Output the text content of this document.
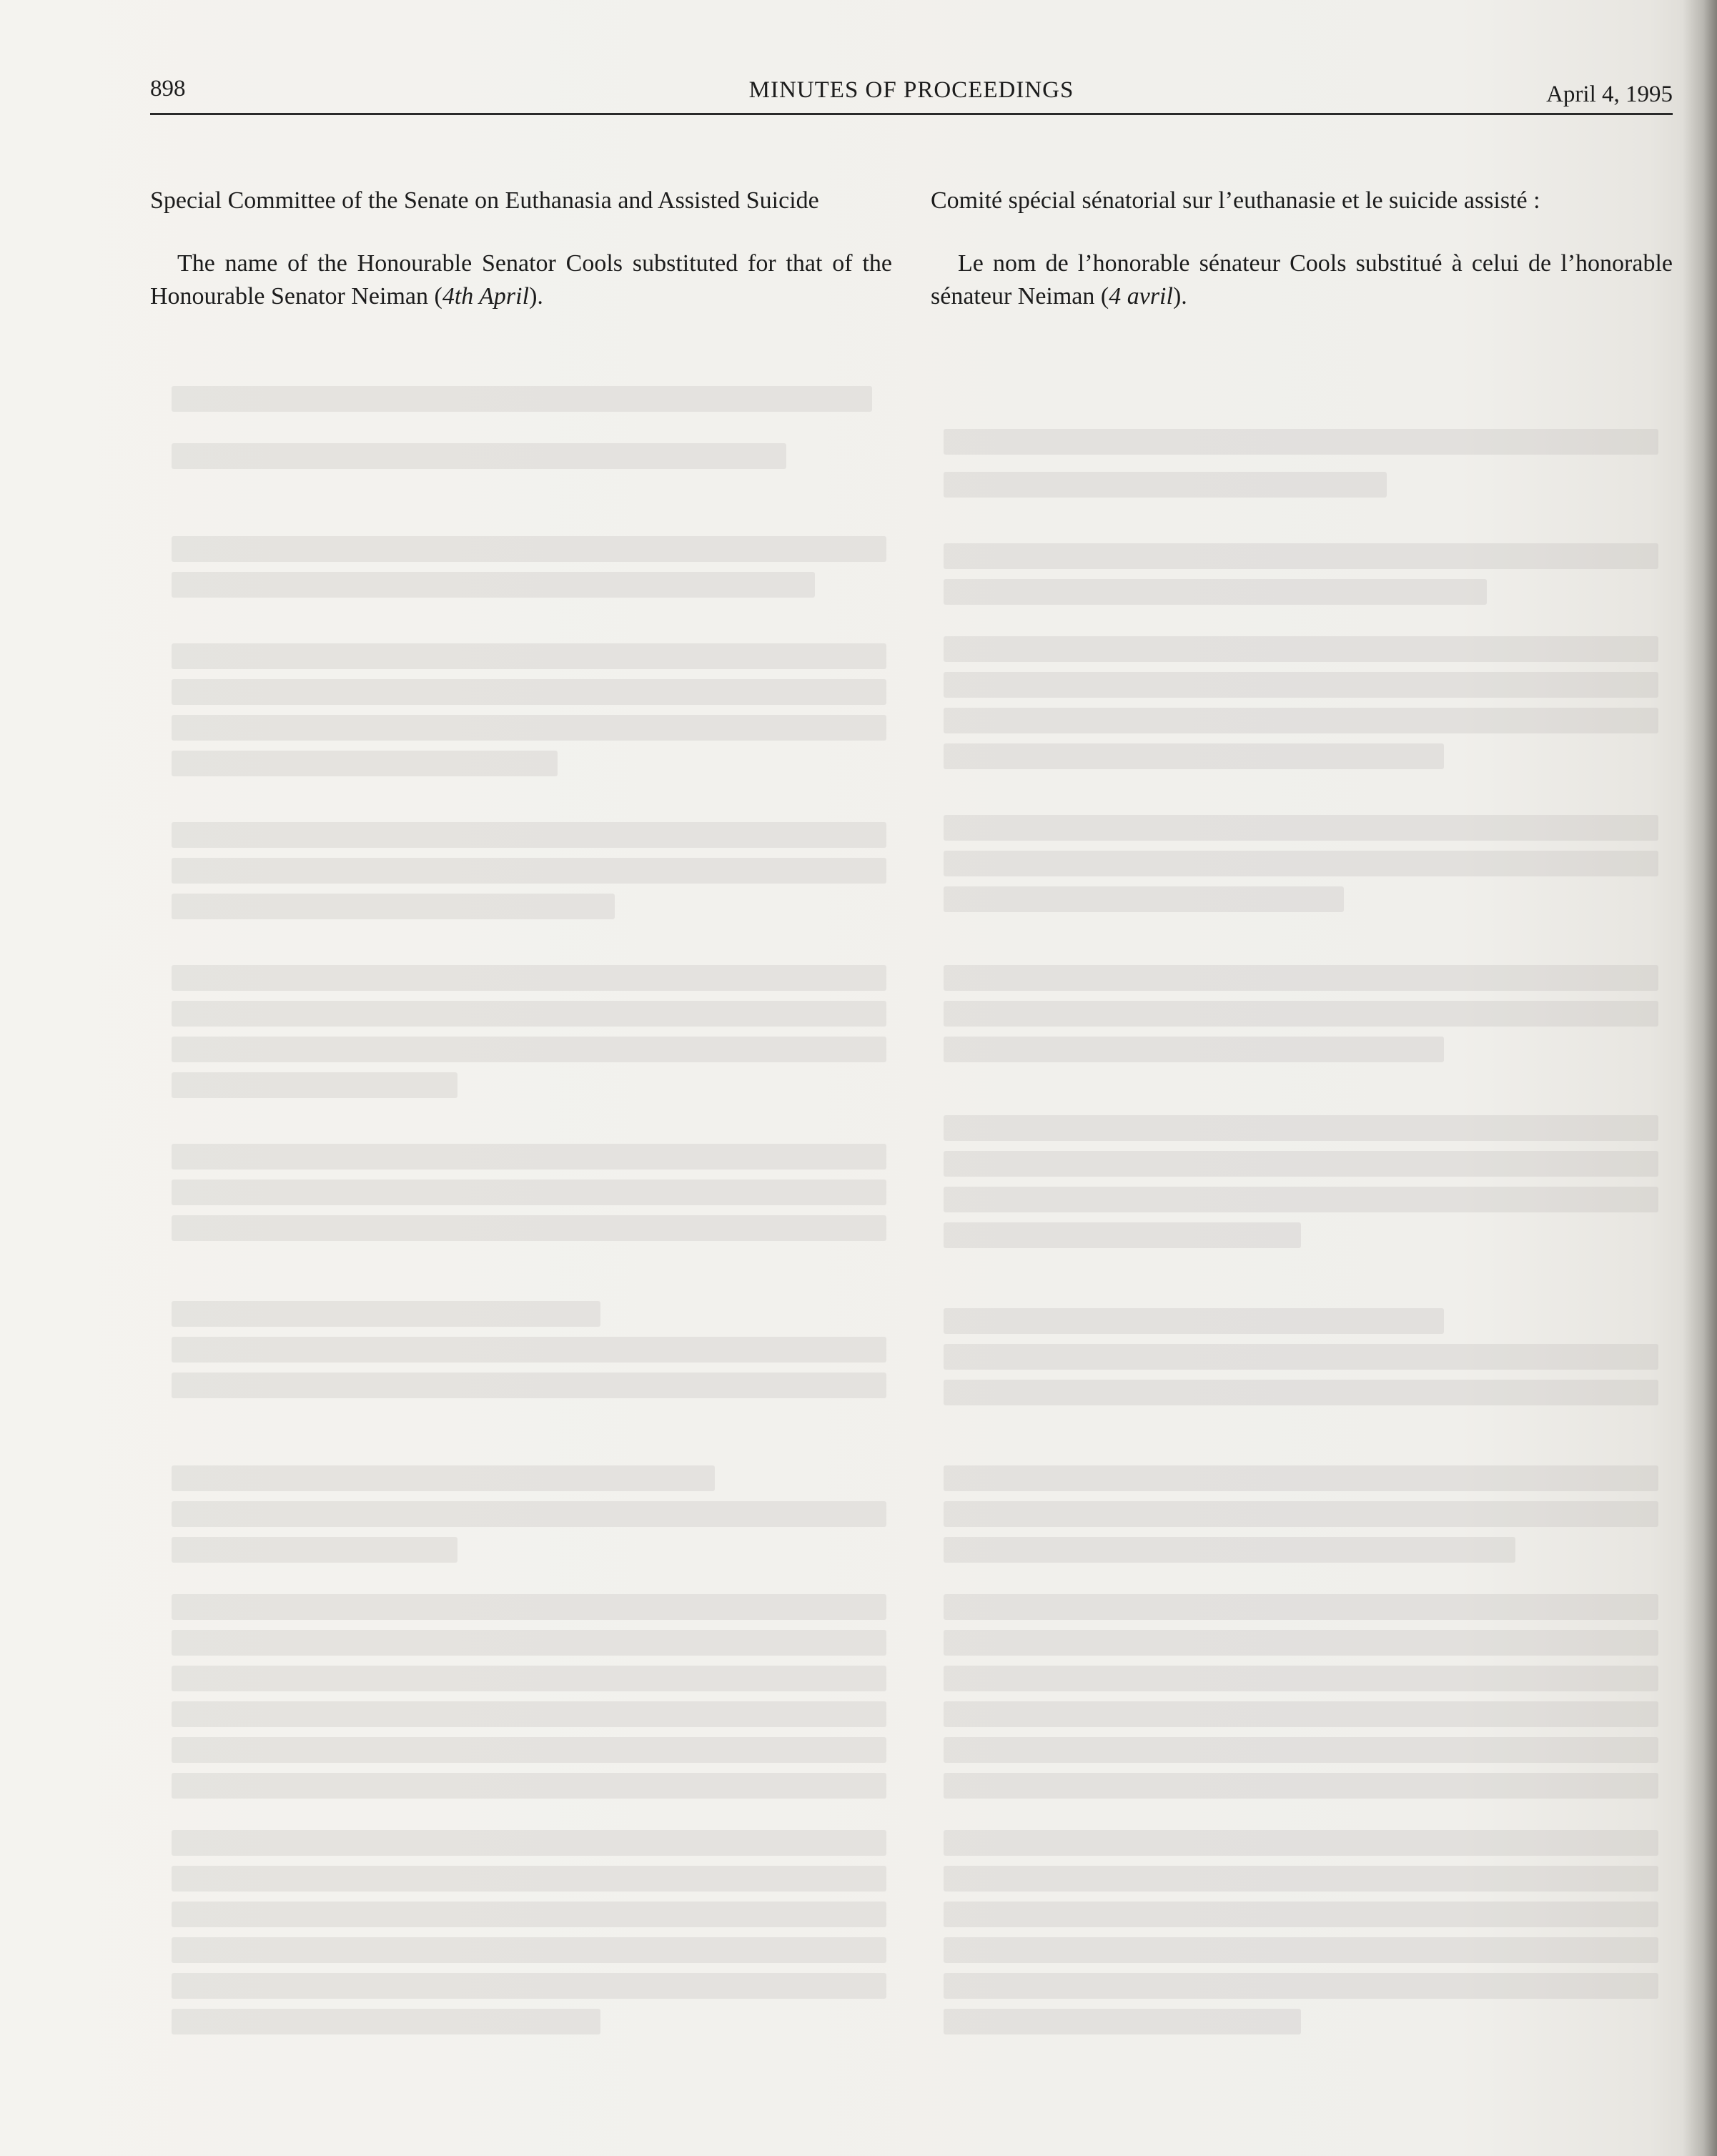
898	MINUTES OF PROCEEDINGS	April 4, 1995

Special Committee of the Senate on Euthanasia and Assisted Suicide

The name of the Honourable Senator Cools substituted for that of the Honourable Senator Neiman (4th April).

Comité spécial sénatorial sur l’euthanasie et le suicide assisté :

Le nom de l’honorable sénateur Cools substitué à celui de l’honorable sénateur Neiman (4 avril).
